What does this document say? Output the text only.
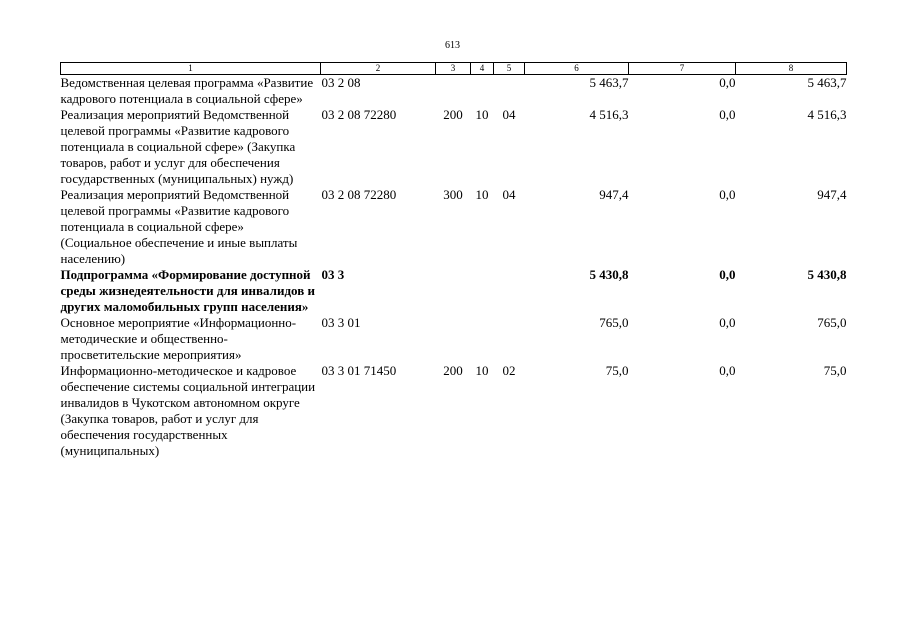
613
1	2	3	4	5	6	7	8
Ведомственная целевая программа «Развитие кадрового потенциала в социальной сфере»	03 2 08				5 463,7	0,0	5 463,7
Реализация мероприятий Ведомственной целевой программы «Развитие кадрового потенциала в социальной сфере» (Закупка товаров, работ и услуг для обеспечения государственных (муниципальных) нужд)	03 2 08 72280	200	10	04	4 516,3	0,0	4 516,3
Реализация мероприятий Ведомственной целевой программы «Развитие кадрового потенциала в социальной сфере» (Социальное обеспечение и иные выплаты населению)	03 2 08 72280	300	10	04	947,4	0,0	947,4
Подпрограмма «Формирование доступной среды жизнедеятельности для инвалидов и других маломобильных групп населения»	03 3				5 430,8	0,0	5 430,8
Основное мероприятие «Информационно-методические и общественно-просветительские мероприятия»	03 3 01				765,0	0,0	765,0
Информационно-методическое и кадровое обеспечение системы социальной интеграции инвалидов в Чукотском автономном округе (Закупка товаров, работ и услуг для обеспечения государственных (муниципальных)	03 3 01 71450	200	10	02	75,0	0,0	75,0
